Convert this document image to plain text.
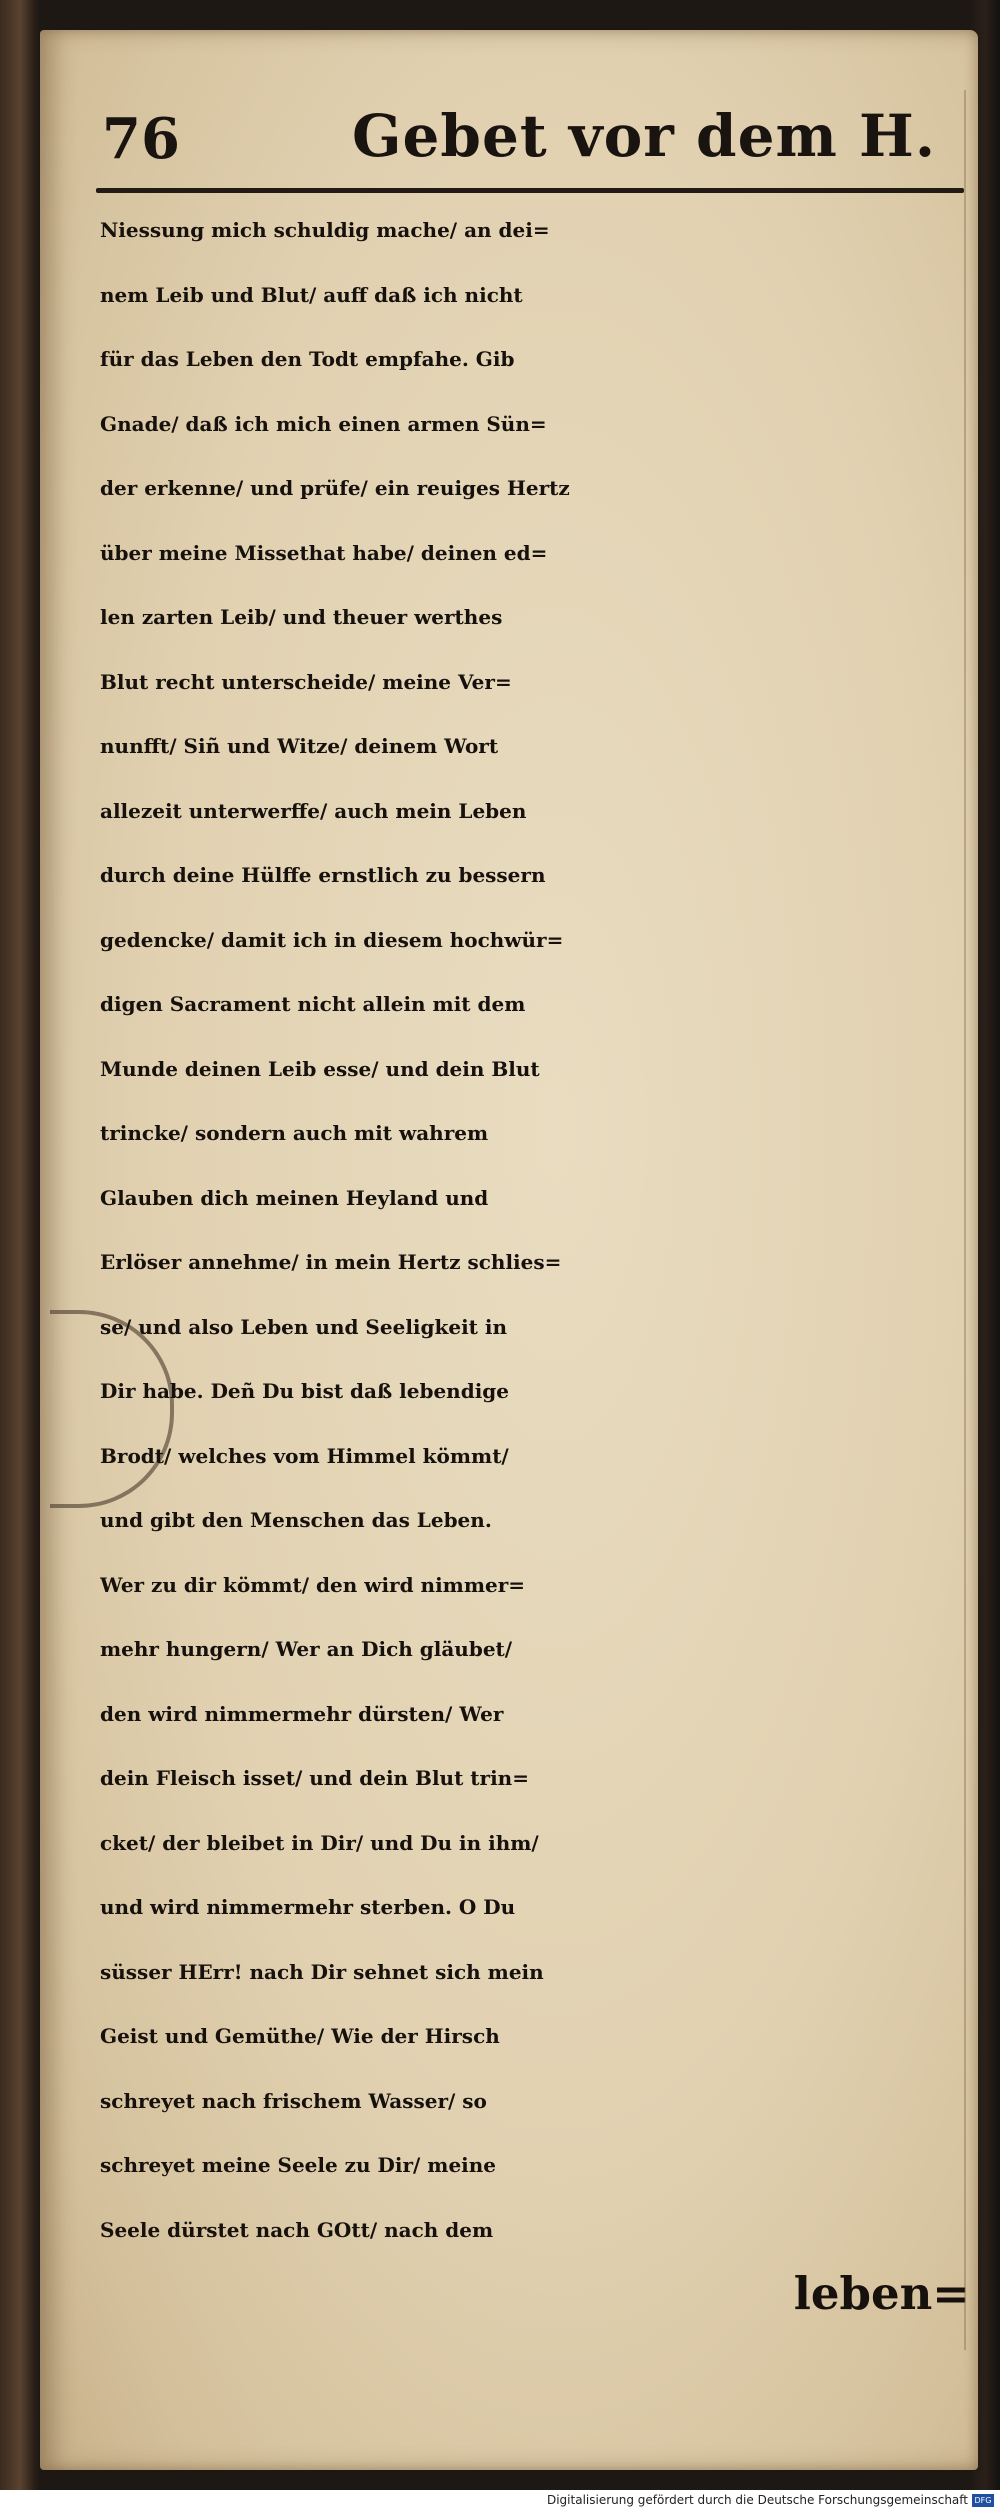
76	Gebet vor dem H.
Niessung mich schuldig mache/ an dei=
nem Leib und Blut/ auff daß ich nicht
für das Leben den Todt empfahe. Gib
Gnade/ daß ich mich einen armen Sün=
der erkenne/ und prüfe/ ein reuiges Hertz
über meine Missethat habe/ deinen ed=
len zarten Leib/ und theuer werthes
Blut recht unterscheide/ meine Ver=
nunfft/ Siñ und Witze/ deinem Wort
allezeit unterwerffe/ auch mein Leben
durch deine Hülffe ernstlich zu bessern
gedencke/ damit ich in diesem hochwür=
digen Sacrament nicht allein mit dem
Munde deinen Leib esse/ und dein Blut
trincke/ sondern auch mit wahrem
Glauben dich meinen Heyland und
Erlöser annehme/ in mein Hertz schlies=
se/ und also Leben und Seeligkeit in
Dir habe. Deñ Du bist daß lebendige
Brodt/ welches vom Himmel kömmt/
und gibt den Menschen das Leben.
Wer zu dir kömmt/ den wird nimmer=
mehr hungern/ Wer an Dich gläubet/
den wird nimmermehr dürsten/ Wer
dein Fleisch isset/ und dein Blut trin=
cket/ der bleibet in Dir/ und Du in ihm/
und wird nimmermehr sterben. O Du
süsser HErr! nach Dir sehnet sich mein
Geist und Gemüthe/ Wie der Hirsch
schreyet nach frischem Wasser/ so
schreyet meine Seele zu Dir/ meine
Seele dürstet nach GOtt/ nach dem
leben=
Digitalisierung gefördert durch die Deutsche Forschungsgemeinschaft DFG
